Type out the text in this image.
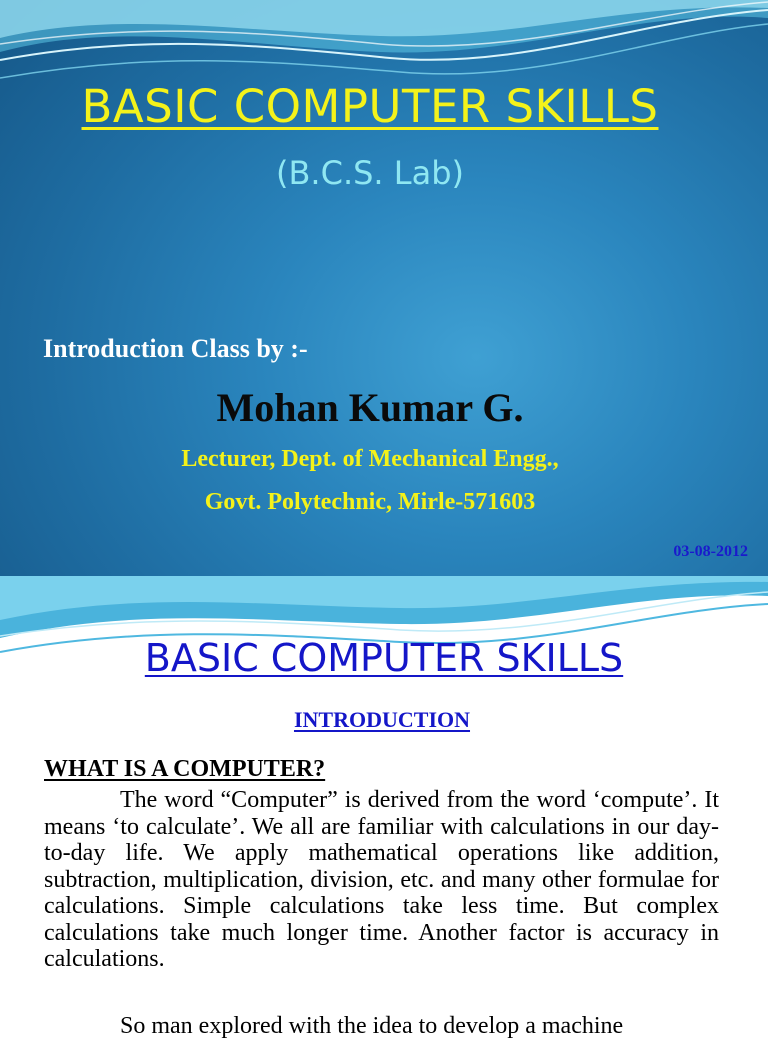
BASIC COMPUTER SKILLS
(B.C.S. Lab)
Introduction Class by :-
Mohan Kumar G.
Lecturer, Dept. of Mechanical Engg.,
Govt. Polytechnic, Mirle-571603
03-08-2012
BASIC COMPUTER SKILLS
INTRODUCTION
WHAT IS A COMPUTER?

The word “Computer” is derived from the word ‘compute’. It means ‘to calculate’. We all are familiar with calculations in our day-to-day life. We apply mathematical operations like addition, subtraction, multiplication, division, etc. and many other formulae for calculations. Simple calculations take less time. But complex calculations take much longer time. Another factor is accuracy in calculations.

So man explored with the idea to develop a machine
